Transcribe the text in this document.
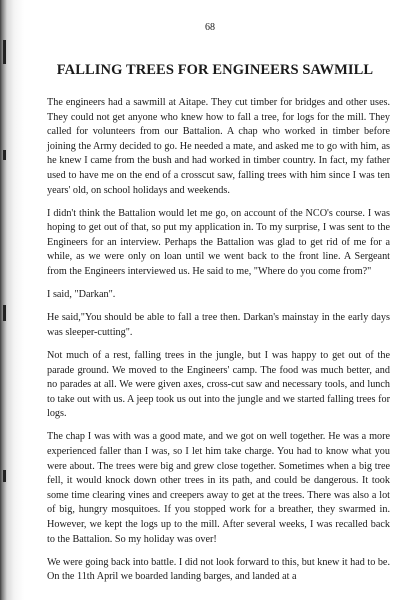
68
FALLING TREES FOR ENGINEERS SAWMILL

The engineers had a sawmill at Aitape. They cut timber for bridges and other uses. They could not get anyone who knew how to fall a tree, for logs for the mill. They called for volunteers from our Battalion. A chap who worked in timber before joining the Army decided to go. He needed a mate, and asked me to go with him, as he knew I came from the bush and had worked in timber country. In fact, my father used to have me on the end of a crosscut saw, falling trees with him since I was ten years' old, on school holidays and weekends.

I didn't think the Battalion would let me go, on account of the NCO's course. I was hoping to get out of that, so put my application in. To my surprise, I was sent to the Engineers for an interview. Perhaps the Battalion was glad to get rid of me for a while, as we were only on loan until we went back to the front line. A Sergeant from the Engineers interviewed us. He said to me, "Where do you come from?"

I said, "Darkan".

He said,"You should be able to fall a tree then. Darkan's mainstay in the early days was sleeper-cutting".

Not much of a rest, falling trees in the jungle, but I was happy to get out of the parade ground. We moved to the Engineers' camp. The food was much better, and no parades at all. We were given axes, cross-cut saw and necessary tools, and lunch to take out with us. A jeep took us out into the jungle and we started falling trees for logs.

The chap I was with was a good mate, and we got on well together. He was a more experienced faller than I was, so I let him take charge. You had to know what you were about. The trees were big and grew close together. Sometimes when a big tree fell, it would knock down other trees in its path, and could be dangerous. It took some time clearing vines and creepers away to get at the trees. There was also a lot of big, hungry mosquitoes. If you stopped work for a breather, they swarmed in. However, we kept the logs up to the mill. After several weeks, I was recalled back to the Battalion. So my holiday was over!

We were going back into battle. I did not look forward to this, but knew it had to be. On the 11th April we boarded landing barges, and landed at a
